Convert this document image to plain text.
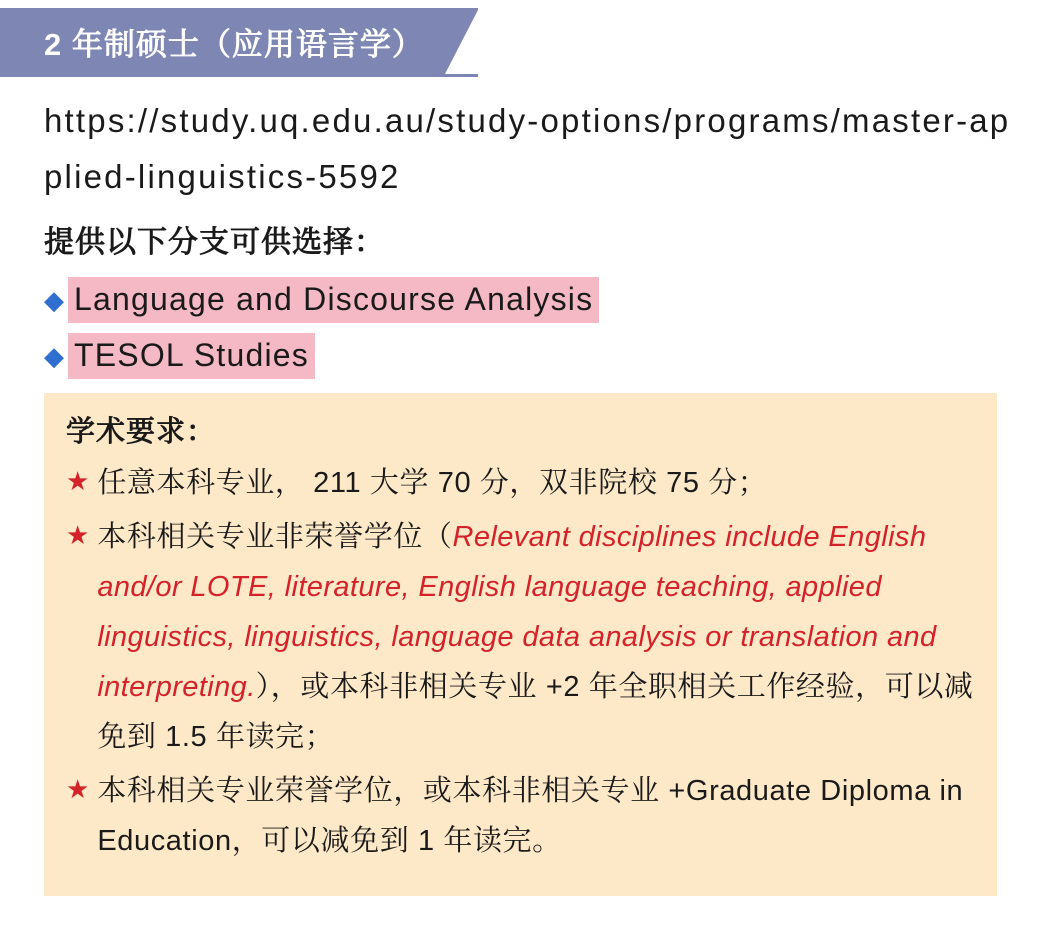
2 年制硕士（应用语言学）
https://study.uq.edu.au/study-options/programs/master-applied-linguistics-5592
提供以下分支可供选择：
◆ Language and Discourse Analysis
◆ TESOL Studies
学术要求：
★ 任意本科专业， 211 大学 70 分，双非院校 75 分；
★ 本科相关专业非荣誉学位（Relevant disciplines include English and/or LOTE, literature, English language teaching, applied linguistics, linguistics, language data analysis or translation and interpreting.），或本科非相关专业 +2 年全职相关工作经验，可以减免到 1.5 年读完；
★ 本科相关专业荣誉学位，或本科非相关专业 +Graduate Diploma in Education，可以减免到 1 年读完。
